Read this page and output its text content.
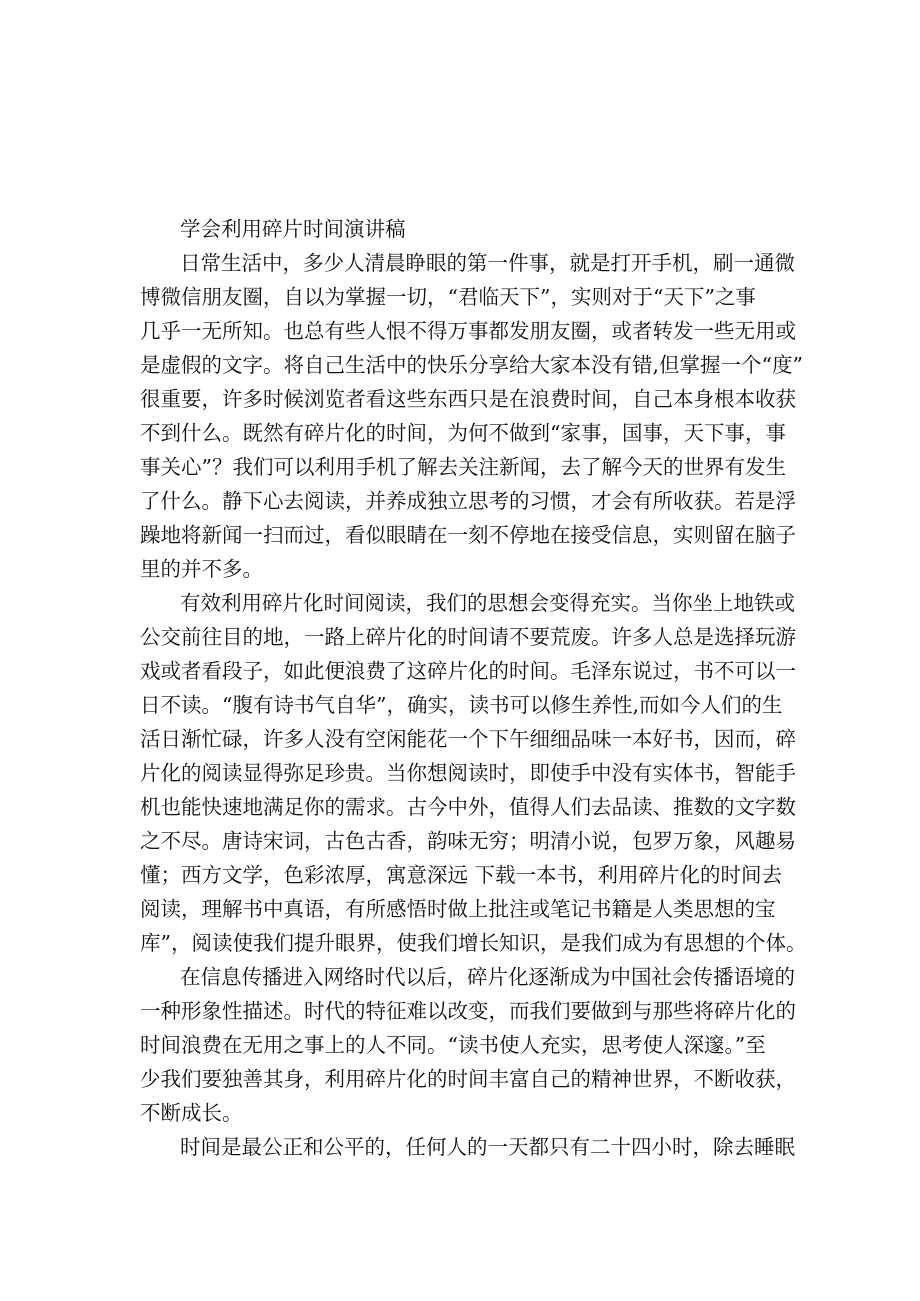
学会利用碎片时间演讲稿
日常生活中，多少人清晨睁眼的第一件事，就是打开手机，刷一通微
博微信朋友圈，自以为掌握一切，“君临天下”，实则对于“天下”之事
几乎一无所知。也总有些人恨不得万事都发朋友圈，或者转发一些无用或
是虚假的文字。将自己生活中的快乐分享给大家本没有错,但掌握一个“度”
很重要，许多时候浏览者看这些东西只是在浪费时间，自己本身根本收获
不到什么。既然有碎片化的时间，为何不做到“家事，国事，天下事，事
事关心”？我们可以利用手机了解去关注新闻，去了解今天的世界有发生
了什么。静下心去阅读，并养成独立思考的习惯，才会有所收获。若是浮
躁地将新闻一扫而过，看似眼睛在一刻不停地在接受信息，实则留在脑子
里的并不多。
有效利用碎片化时间阅读，我们的思想会变得充实。当你坐上地铁或
公交前往目的地，一路上碎片化的时间请不要荒废。许多人总是选择玩游
戏或者看段子，如此便浪费了这碎片化的时间。毛泽东说过，书不可以一
日不读。“腹有诗书气自华”，确实，读书可以修生养性,而如今人们的生
活日渐忙碌，许多人没有空闲能花一个下午细细品味一本好书，因而，碎
片化的阅读显得弥足珍贵。当你想阅读时，即使手中没有实体书，智能手
机也能快速地满足你的需求。古今中外，值得人们去品读、推数的文字数
之不尽。唐诗宋词，古色古香，韵味无穷；明清小说，包罗万象，风趣易
懂；西方文学，色彩浓厚，寓意深远 下载一本书，利用碎片化的时间去
阅读，理解书中真语，有所感悟时做上批注或笔记书籍是人类思想的宝
库”，阅读使我们提升眼界，使我们增长知识，是我们成为有思想的个体。
在信息传播进入网络时代以后，碎片化逐渐成为中国社会传播语境的
一种形象性描述。时代的特征难以改变，而我们要做到与那些将碎片化的
时间浪费在无用之事上的人不同。“读书使人充实，思考使人深邃。”至
少我们要独善其身，利用碎片化的时间丰富自己的精神世界，不断收获，
不断成长。
时间是最公正和公平的，任何人的一天都只有二十四小时，除去睡眠
